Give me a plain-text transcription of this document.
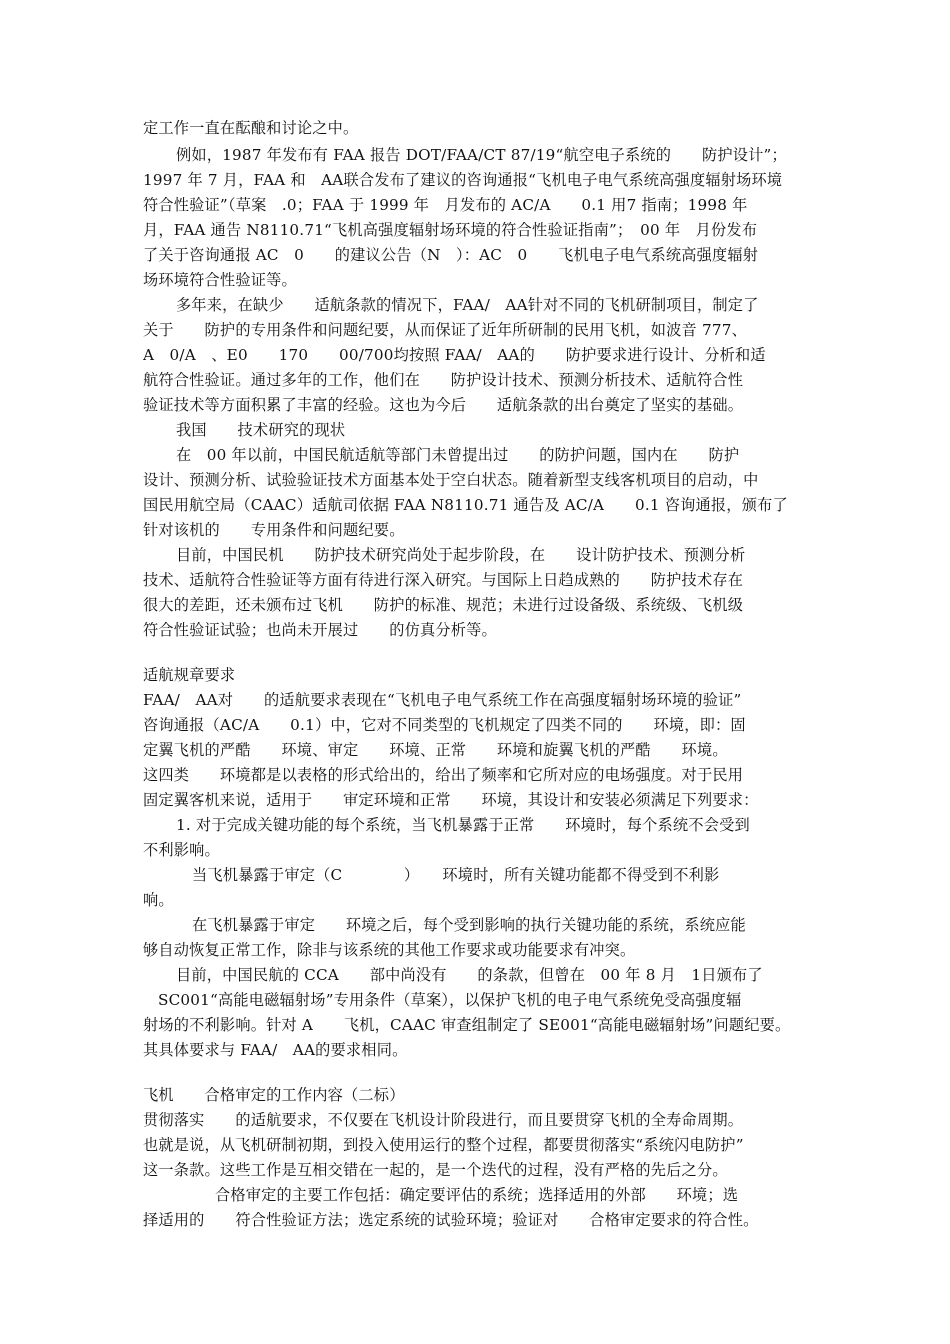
定工作一直在酝酿和讨论之中。
例如，1987 年发布有 FAA 报告 DOT/FAA/CT 87/19“航空电子系统的　　防护设计”；
1997 年 7 月，FAA 和　AA联合发布了建议的咨询通报“飞机电子电气系统高强度辐射场环境
符合性验证”（草案　.0；FAA 于 1999 年　月发布的 AC/A　　0.1 用7 指南；1998 年
月，FAA 通告 N8110.71“飞机高强度辐射场环境的符合性验证指南”；　00 年　月份发布
了关于咨询通报 AC　0　　的建议公告（N　）：AC　0　　飞机电子电气系统高强度辐射
场环境符合性验证等。
多年来，在缺少　　适航条款的情况下，FAA/　AA针对不同的飞机研制项目，制定了
关于　　防护的专用条件和问题纪要，从而保证了近年所研制的民用飞机，如波音 777、
A　0/A　、E0　　170　　00/700均按照 FAA/　AA的　　防护要求进行设计、分析和适
航符合性验证。通过多年的工作，他们在　　防护设计技术、预测分析技术、适航符合性
验证技术等方面积累了丰富的经验。这也为今后　　适航条款的出台奠定了坚实的基础。
我国　　技术研究的现状
在　00 年以前，中国民航适航等部门未曾提出过　　的防护问题，国内在　　防护
设计、预测分析、试验验证技术方面基本处于空白状态。随着新型支线客机项目的启动，中
国民用航空局（CAAC）适航司依据 FAA N8110.71 通告及 AC/A　　0.1 咨询通报，颁布了
针对该机的　　专用条件和问题纪要。
目前，中国民机　　防护技术研究尚处于起步阶段，在　　设计防护技术、预测分析
技术、适航符合性验证等方面有待进行深入研究。与国际上日趋成熟的　　防护技术存在
很大的差距，还未颁布过飞机　　防护的标准、规范；未进行过设备级、系统级、飞机级
符合性验证试验；也尚未开展过　　的仿真分析等。
适航规章要求
FAA/　AA对　　的适航要求表现在“飞机电子电气系统工作在高强度辐射场环境的验证”
咨询通报（AC/A　　0.1）中，它对不同类型的飞机规定了四类不同的　　环境，即：固
定翼飞机的严酷　　环境、审定　　环境、正常　　环境和旋翼飞机的严酷　　环境。
这四类　　环境都是以表格的形式给出的，给出了频率和它所对应的电场强度。对于民用
固定翼客机来说，适用于　　审定环境和正常　　环境，其设计和安装必须满足下列要求：
1. 对于完成关键功能的每个系统，当飞机暴露于正常　　环境时，每个系统不会受到
不利影响。
当飞机暴露于审定（C　　　　）　　环境时，所有关键功能都不得受到不利影
响。
在飞机暴露于审定　　环境之后，每个受到影响的执行关键功能的系统，系统应能
够自动恢复正常工作，除非与该系统的其他工作要求或功能要求有冲突。
目前，中国民航的 CCA　　部中尚没有　　的条款，但曾在　00 年 8 月　1日颁布了
SC001“高能电磁辐射场”专用条件（草案），以保护飞机的电子电气系统免受高强度辐
射场的不利影响。针对 A　　飞机，CAAC 审查组制定了 SE001“高能电磁辐射场”问题纪要。
其具体要求与 FAA/　AA的要求相同。
飞机　　合格审定的工作内容（二标）
贯彻落实　　的适航要求，不仅要在飞机设计阶段进行，而且要贯穿飞机的全寿命周期。
也就是说，从飞机研制初期，到投入使用运行的整个过程，都要贯彻落实“系统闪电防护”
这一条款。这些工作是互相交错在一起的，是一个迭代的过程，没有严格的先后之分。
合格审定的主要工作包括：确定要评估的系统；选择适用的外部　　环境；选
择适用的　　符合性验证方法；选定系统的试验环境；验证对　　合格审定要求的符合性。
